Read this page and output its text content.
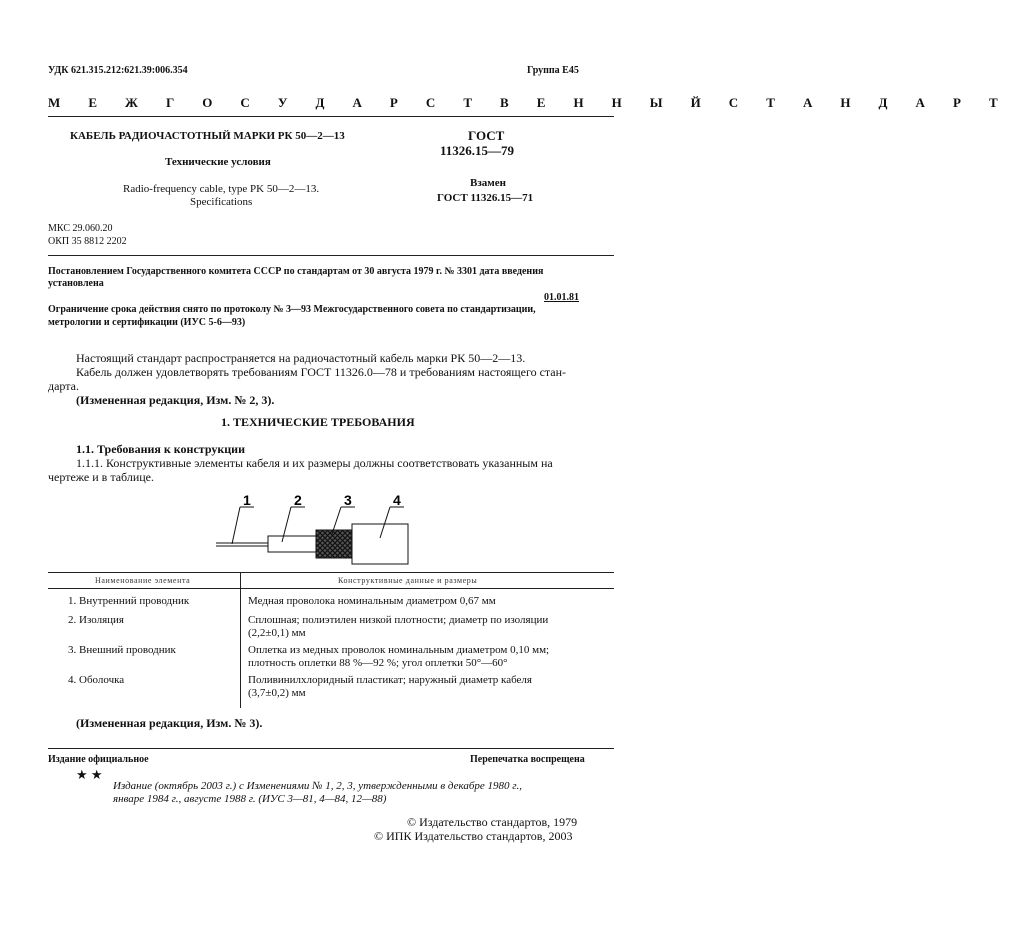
УДК 621.315.212:621.39:006.354	Группа Е45
М Е Ж Г О С У Д А Р С Т В Е Н Н Ы Й С Т А Н Д А Р Т
КАБЕЛЬ РАДИОЧАСТОТНЫЙ МАРКИ РК 50—2—13
Технические условия
Radio-frequency cable, type PK 50—2—13.
Specifications
ГОСТ
11326.15—79
Взамен
ГОСТ 11326.15—71
МКС 29.060.20
ОКП 35 8812 2202
Постановлением Государственного комитета СССР по стандартам от 30 августа 1979 г. № 3301 дата введения
установлена
01.01.81
Ограничение срока действия снято по протоколу № 3—93 Межгосударственного совета по стандартизации,
метрологии и сертификации (ИУС 5-6—93)
Настоящий стандарт распространяется на радиочастотный кабель марки РК 50—2—13.
Кабель должен удовлетворять требованиям ГОСТ 11326.0—78 и требованиям настоящего стан-
дарта.
(Измененная редакция, Изм. № 2, 3).
1. ТЕХНИЧЕСКИЕ ТРЕБОВАНИЯ
1.1. Требования к конструкции
1.1.1. Конструктивные элементы кабеля и их размеры должны соответствовать указанным на
чертеже и в таблице.
1	2	3	4
Наименование элемента	Конструктивные данные и размеры
1. Внутренний проводник	Медная проволока номинальным диаметром 0,67 мм
2. Изоляция	Сплошная; полиэтилен низкой плотности; диаметр по изоляции
(2,2±0,1) мм
3. Внешний проводник	Оплетка из медных проволок номинальным диаметром 0,10 мм;
плотность оплетки 88 %—92 %; угол оплетки 50°—60°
4. Оболочка	Поливинилхлоридный пластикат; наружный диаметр кабеля
(3,7±0,2) мм
(Измененная редакция, Изм. № 3).
Издание официальное	Перепечатка воспрещена
★ ★
Издание (октябрь 2003 г.) с Изменениями № 1, 2, 3, утвержденными в декабре 1980 г.,
январе 1984 г., августе 1988 г. (ИУС 3—81, 4—84, 12—88)
© Издательство стандартов, 1979
© ИПК Издательство стандартов, 2003
